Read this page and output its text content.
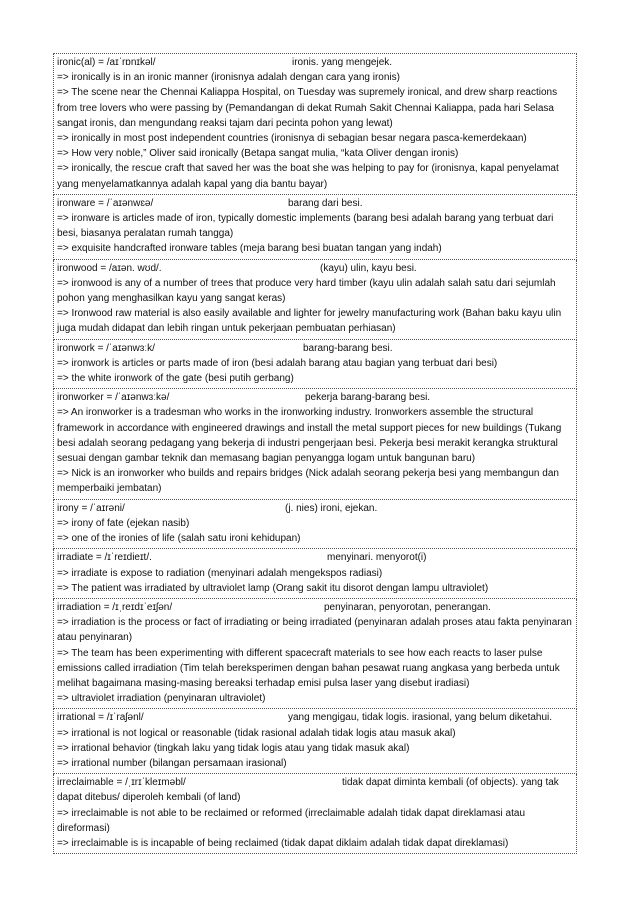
ironic(al) = /aɪˈrɒnɪkəl/	ironis. yang mengejek.
=> ironically is in an ironic manner (ironisnya adalah dengan cara yang ironis)
=> The scene near the Chennai Kaliappa Hospital, on Tuesday was supremely ironical, and drew sharp reactions from tree lovers who were passing by (Pemandangan di dekat Rumah Sakit Chennai Kaliappa, pada hari Selasa sangat ironis, dan mengundang reaksi tajam dari pecinta pohon yang lewat)
=> ironically in most post independent countries (ironisnya di sebagian besar negara pasca-kemerdekaan)
=> How very noble,” Oliver said ironically (Betapa sangat mulia, “kata Oliver dengan ironis)
=> ironically, the rescue craft that saved her was the boat she was helping to pay for (ironisnya, kapal penyelamat yang menyelamatkannya adalah kapal yang dia bantu bayar)
ironware = /ˈaɪənwɛə/	barang dari besi.
=> ironware is articles made of iron, typically domestic implements (barang besi adalah barang yang terbuat dari besi, biasanya peralatan rumah tangga)
=> exquisite handcrafted ironware tables (meja barang besi buatan tangan yang indah)
ironwood = /aɪən. wʊd/.	(kayu) ulin, kayu besi.
=> ironwood is any of a number of trees that produce very hard timber (kayu ulin adalah salah satu dari sejumlah pohon yang menghasilkan kayu yang sangat keras)
=> Ironwood raw material is also easily available and lighter for jewelry manufacturing work (Bahan baku kayu ulin juga mudah didapat dan lebih ringan untuk pekerjaan pembuatan perhiasan)
ironwork = /ˈaɪənwɜːk/	barang-barang besi.
=> ironwork is articles or parts made of iron (besi adalah barang atau bagian yang terbuat dari besi)
=> the white ironwork of the gate (besi putih gerbang)
ironworker = /ˈaɪənwɜːkə/	pekerja barang-barang besi.
=> An ironworker is a tradesman who works in the ironworking industry. Ironworkers assemble the structural framework in accordance with engineered drawings and install the metal support pieces for new buildings (Tukang besi adalah seorang pedagang yang bekerja di industri pengerjaan besi. Pekerja besi merakit kerangka struktural sesuai dengan gambar teknik dan memasang bagian penyangga logam untuk bangunan baru)
=> Nick is an ironworker who builds and repairs bridges (Nick adalah seorang pekerja besi yang membangun dan memperbaiki jembatan)
irony = /ˈaɪrəni/	(j. nies) ironi, ejekan.
=> irony of fate (ejekan nasib)
=> one of the ironies of life (salah satu ironi kehidupan)
irradiate = /ɪˈreɪdieɪt/.	menyinari. menyorot(i)
=> irradiate is expose to radiation (menyinari adalah mengekspos radiasi)
=> The patient was irradiated by ultraviolet lamp (Orang sakit itu disorot dengan lampu ultraviolet)
irradiation = /ɪˌreɪdɪˈeɪʃən/	penyinaran, penyorotan, penerangan.
=> irradiation is the process or fact of irradiating or being irradiated (penyinaran adalah proses atau fakta penyinaran atau penyinaran)
=> The team has been experimenting with different spacecraft materials to see how each reacts to laser pulse emissions called irradiation (Tim telah bereksperimen dengan bahan pesawat ruang angkasa yang berbeda untuk melihat bagaimana masing-masing bereaksi terhadap emisi pulsa laser yang disebut iradiasi)
=> ultraviolet irradiation (penyinaran ultraviolet)
irrational = /ɪˈraʃənl/	yang mengigau, tidak logis. irasional, yang belum diketahui.
=> irrational is not logical or reasonable (tidak rasional adalah tidak logis atau masuk akal)
=> irrational behavior (tingkah laku yang tidak logis atau yang tidak masuk akal)
=> irrational number (bilangan persamaan irasional)
irreclaimable = /ˌɪrɪˈkleɪməbl/	tidak dapat diminta kembali (of objects). yang tak
dapat ditebus/ diperoleh kembali (of land)
=> irreclaimable is not able to be reclaimed or reformed (irreclaimable adalah tidak dapat direklamasi atau direformasi)
=> irreclaimable is is incapable of being reclaimed (tidak dapat diklaim adalah tidak dapat direklamasi)
